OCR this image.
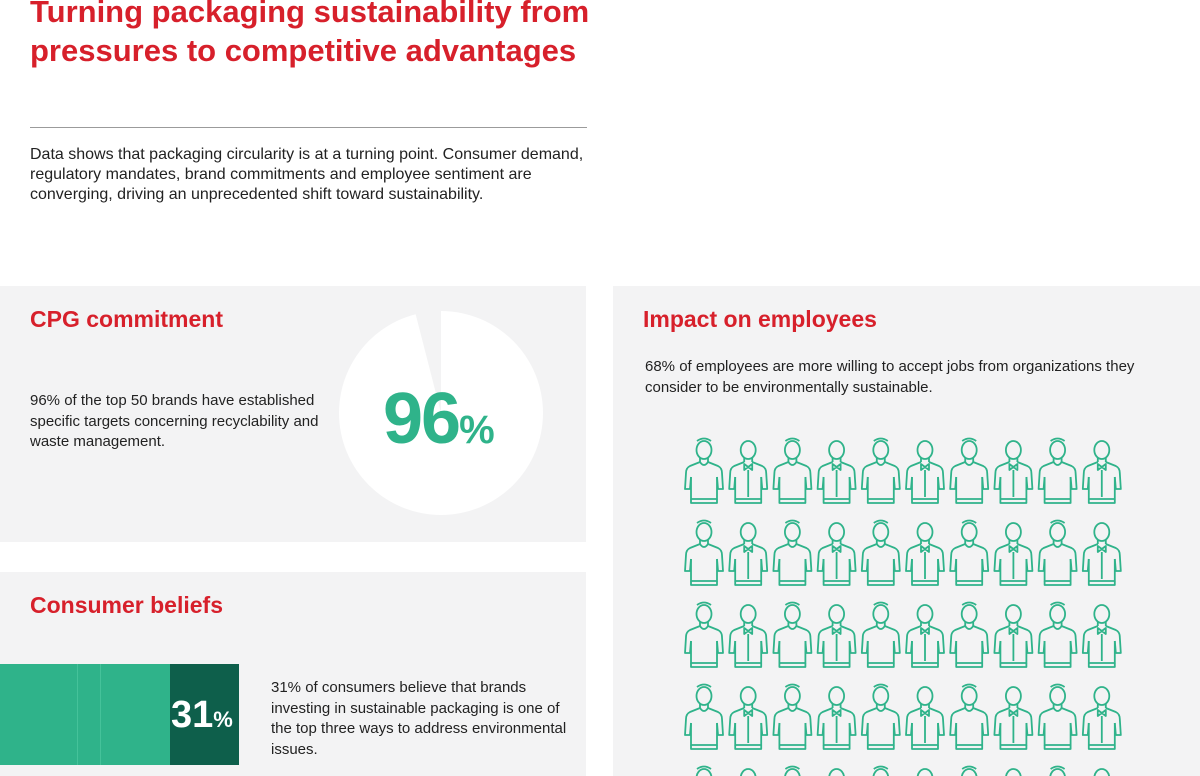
Turning packaging sustainability from pressures to competitive advantages

Data shows that packaging circularity is at a turning point. Consumer demand, regulatory mandates, brand commitments and employee sentiment are converging, driving an unprecedented shift toward sustainability.

CPG commitment

96% of the top 50 brands have established specific targets concerning recyclability and waste management.	96%
Consumer beliefs
31%

31% of consumers believe that brands investing in sustainable packaging is one of the top three ways to address environmental issues.

Impact on employees

68% of employees are more willing to accept jobs from organizations they consider to be environmentally sustainable.
